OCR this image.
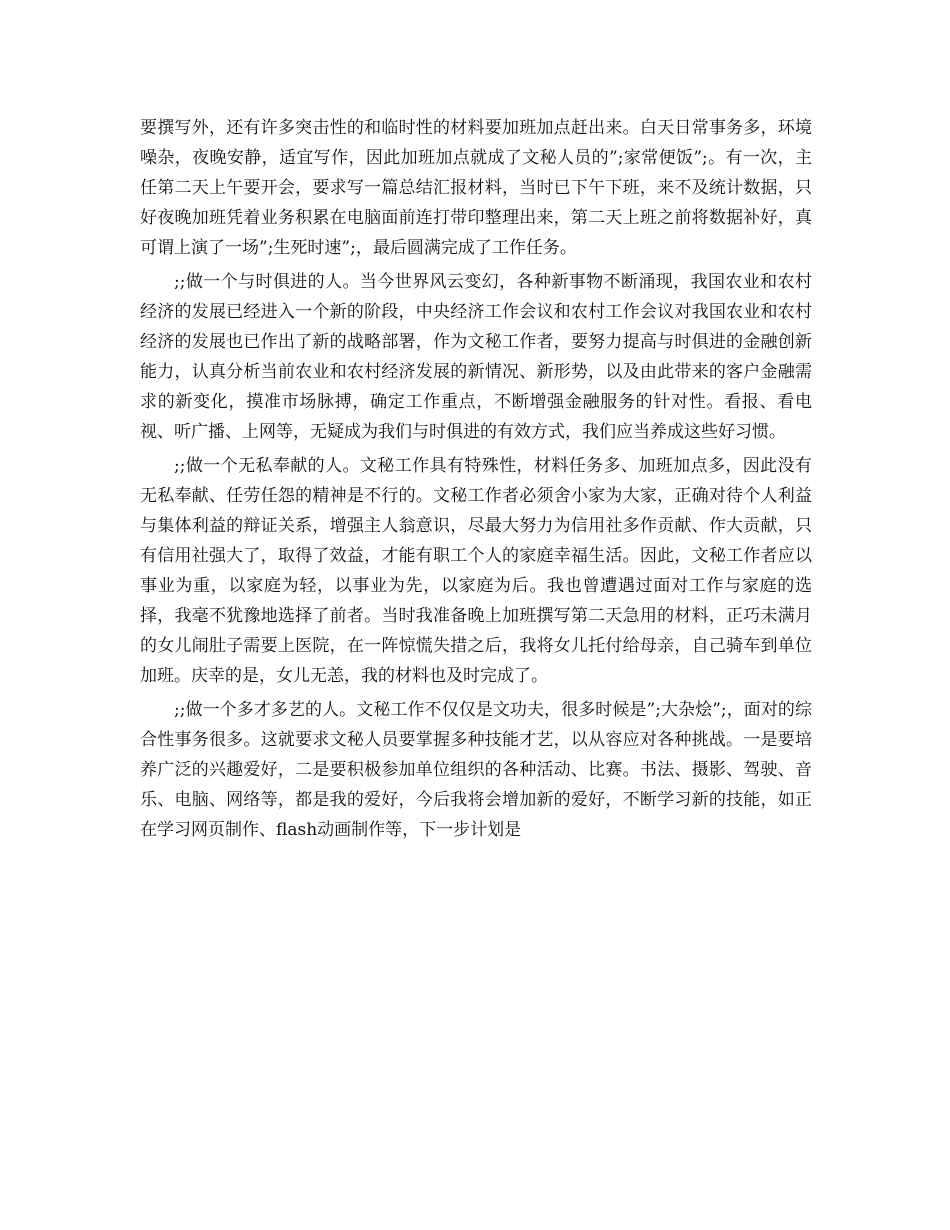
要撰写外，还有许多突击性的和临时性的材料要加班加点赶出来。白天日常事务多，环境噪杂，夜晚安静，适宜写作，因此加班加点就成了文秘人员的”;家常便饭”;。有一次，主任第二天上午要开会，要求写一篇总结汇报材料，当时已下午下班，来不及统计数据，只好夜晚加班凭着业务积累在电脑面前连打带印整理出来，第二天上班之前将数据补好，真可谓上演了一场”;生死时速”;，最后圆满完成了工作任务。

;;做一个与时俱进的人。当今世界风云变幻，各种新事物不断涌现，我国农业和农村经济的发展已经进入一个新的阶段，中央经济工作会议和农村工作会议对我国农业和农村经济的发展也已作出了新的战略部署，作为文秘工作者，要努力提高与时俱进的金融创新能力，认真分析当前农业和农村经济发展的新情况、新形势，以及由此带来的客户金融需求的新变化，摸准市场脉搏，确定工作重点，不断增强金融服务的针对性。看报、看电视、听广播、上网等，无疑成为我们与时俱进的有效方式，我们应当养成这些好习惯。

;;做一个无私奉献的人。文秘工作具有特殊性，材料任务多、加班加点多，因此没有无私奉献、任劳任怨的精神是不行的。文秘工作者必须舍小家为大家，正确对待个人利益与集体利益的辩证关系，增强主人翁意识，尽最大努力为信用社多作贡献、作大贡献，只有信用社强大了，取得了效益，才能有职工个人的家庭幸福生活。因此，文秘工作者应以事业为重，以家庭为轻，以事业为先，以家庭为后。我也曾遭遇过面对工作与家庭的选择，我毫不犹豫地选择了前者。当时我准备晚上加班撰写第二天急用的材料，正巧未满月的女儿闹肚子需要上医院，在一阵惊慌失措之后，我将女儿托付给母亲，自己骑车到单位加班。庆幸的是，女儿无恙，我的材料也及时完成了。

;;做一个多才多艺的人。文秘工作不仅仅是文功夫，很多时候是”;大杂烩”;，面对的综合性事务很多。这就要求文秘人员要掌握多种技能才艺，以从容应对各种挑战。一是要培养广泛的兴趣爱好，二是要积极参加单位组织的各种活动、比赛。书法、摄影、驾驶、音乐、电脑、网络等，都是我的爱好，今后我将会增加新的爱好，不断学习新的技能，如正在学习网页制作、flash动画制作等，下一步计划是
